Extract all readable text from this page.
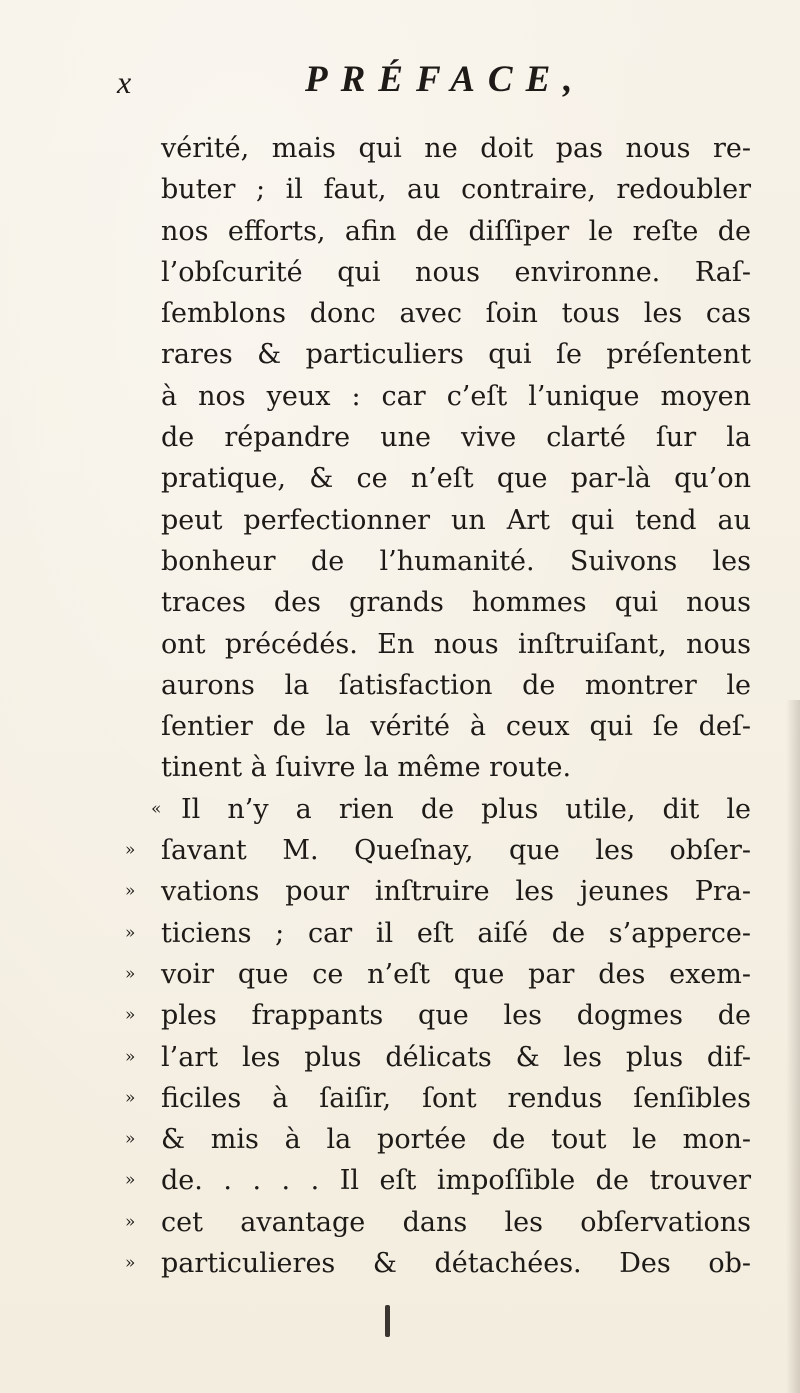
x	PRÉFACE,
vérité, mais qui ne doit pas nous re-
buter ; il faut, au contraire, redoubler
nos efforts, afin de diſſiper le reſte de
l’obſcurité qui nous environne. Raſ-
ſemblons donc avec ſoin tous les cas
rares & particuliers qui ſe préſentent
à nos yeux : car c’eſt l’unique moyen
de répandre une vive clarté ſur la
pratique, & ce n’eſt que par-là qu’on
peut perfectionner un Art qui tend au
bonheur de l’humanité. Suivons les
traces des grands hommes qui nous
ont précédés. En nous inſtruiſant, nous
aurons la ſatisfaction de montrer le
ſentier de la vérité à ceux qui ſe deſ-
tinent à ſuivre la même route.
« Il n’y a rien de plus utile, dit le
» ſavant M. Queſnay, que les obſer-
» vations pour inſtruire les jeunes Pra-
» ticiens ; car il eſt aiſé de s’apperce-
» voir que ce n’eſt que par des exem-
» ples frappants que les dogmes de
» l’art les plus délicats & les plus dif-
» ficiles à ſaiſir, ſont rendus ſenſibles
» & mis à la portée de tout le mon-
» de. . . . . Il eſt impoſſible de trouver
» cet avantage dans les obſervations
» particulieres & détachées. Des ob-
